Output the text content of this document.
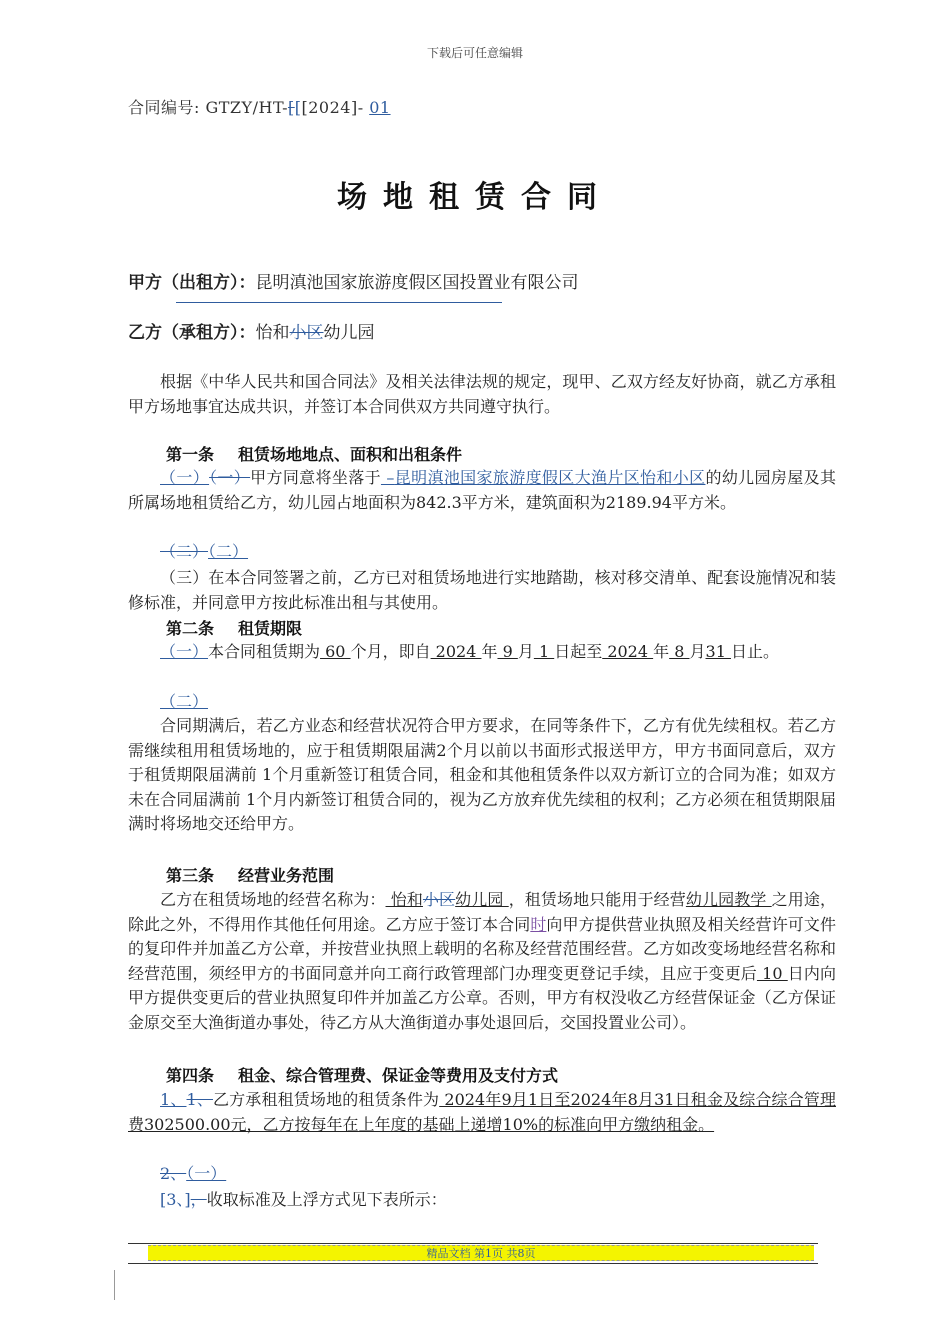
下载后可任意编辑
合同编号: GTZY/HT-[[[2024]- 01
场地租赁合同
甲方（出租方）：昆明滇池国家旅游度假区国投置业有限公司
乙方（承租方）：怡和小区幼儿园
根据《中华人民共和国合同法》及相关法律法规的规定，现甲、乙双方经友好协商，就乙方承租甲方场地事宜达成共识，并签订本合同供双方共同遵守执行。
第一条 租赁场地地点、面积和出租条件
（一）（一）甲方同意将坐落于 –昆明滇池国家旅游度假区大渔片区怡和小区的幼儿园房屋及其所属场地租赁给乙方，幼儿园占地面积为842.3平方米，建筑面积为2189.94平方米。
（二）（二）
（三）在本合同签署之前，乙方已对租赁场地进行实地踏勘，核对移交清单、配套设施情况和装修标准，并同意甲方按此标准出租与其使用。
第二条 租赁期限
（一）本合同租赁期为 60 个月，即自 2024 年 9 月 1 日起至 2024 年 8 月31 日止。
（二）
合同期满后，若乙方业态和经营状况符合甲方要求，在同等条件下，乙方有优先续租权。若乙方需继续租用租赁场地的，应于租赁期限届满2个月以前以书面形式报送甲方，甲方书面同意后，双方于租赁期限届满前 1个月重新签订租赁合同，租金和其他租赁条件以双方新订立的合同为准；如双方未在合同届满前 1个月内新签订租赁合同的，视为乙方放弃优先续租的权利；乙方必须在租赁期限届满时将场地交还给甲方。
第三条 经营业务范围
乙方在租赁场地的经营名称为： 怡和小区幼儿园 ，租赁场地只能用于经营幼儿园教学 之用途，除此之外，不得用作其他任何用途。乙方应于签订本合同时向甲方提供营业执照及相关经营许可文件的复印件并加盖乙方公章，并按营业执照上载明的名称及经营范围经营。乙方如改变场地经营名称和经营范围，须经甲方的书面同意并向工商行政管理部门办理变更登记手续，且应于变更后 10 日内向甲方提供变更后的营业执照复印件并加盖乙方公章。否则，甲方有权没收乙方经营保证金（乙方保证金原交至大渔街道办事处，待乙方从大渔街道办事处退回后，交国投置业公司）。
第四条 租金、综合管理费、保证金等费用及支付方式
1、1、乙方承租租赁场地的租赁条件为 2024年9月1日至2024年8月31日租金及综合综合管理费302500.00元，乙方按每年在上年度的基础上递增10%的标准向甲方缴纳租金。
2、（一）
[3、]，收取标准及上浮方式见下表所示：
精品文档 第1页 共8页
